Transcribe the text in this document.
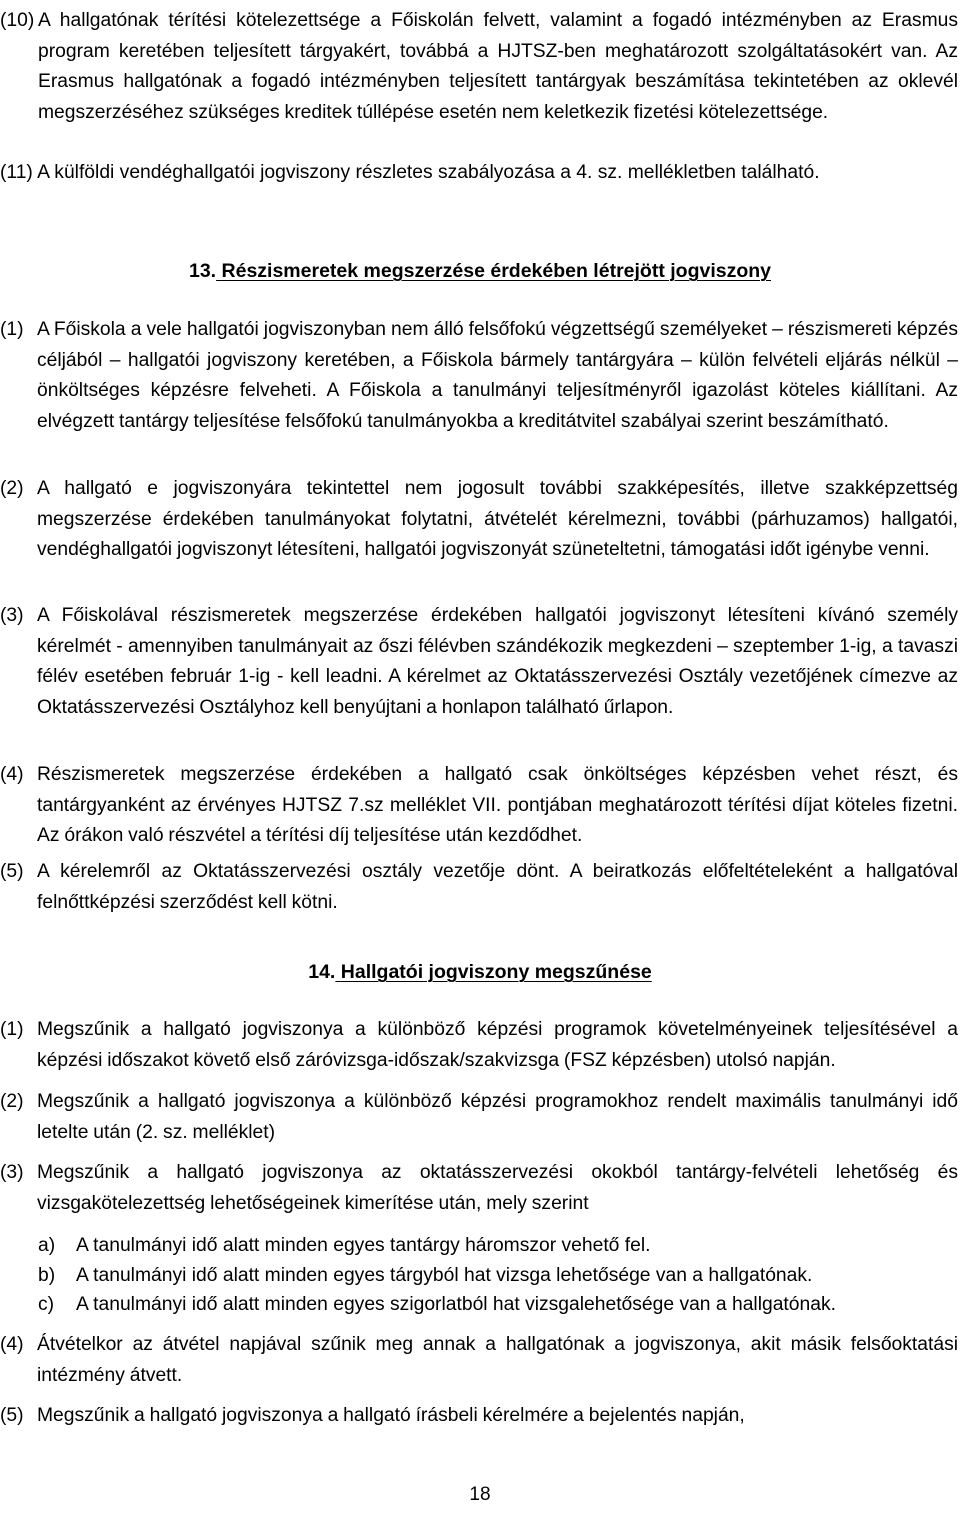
(10) A hallgatónak térítési kötelezettsége a Főiskolán felvett, valamint a fogadó intézményben az Erasmus program keretében teljesített tárgyakért, továbbá a HJTSZ-ben meghatározott szolgáltatásokért van. Az Erasmus hallgatónak a fogadó intézményben teljesített tantárgyak beszámítása tekintetében az oklevél megszerzéséhez szükséges kreditek túllépése esetén nem keletkezik fizetési kötelezettsége.
(11) A külföldi vendéghallgatói jogviszony részletes szabályozása a 4. sz. mellékletben található.
13. Részismeretek megszerzése érdekében létrejött jogviszony
(1) A Főiskola a vele hallgatói jogviszonyban nem álló felsőfokú végzettségű személyeket – részismereti képzés céljából – hallgatói jogviszony keretében, a Főiskola bármely tantárgyára – külön felvételi eljárás nélkül – önköltséges képzésre felveheti. A Főiskola a tanulmányi teljesítményről igazolást köteles kiállítani. Az elvégzett tantárgy teljesítése felsőfokú tanulmányokba a kreditátvitel szabályai szerint beszámítható.
(2) A hallgató e jogviszonyára tekintettel nem jogosult további szakképesítés, illetve szakképzettség megszerzése érdekében tanulmányokat folytatni, átvételét kérelmezni, további (párhuzamos) hallgatói, vendéghallgatói jogviszonyt létesíteni, hallgatói jogviszonyát szüneteltetni, támogatási időt igénybe venni.
(3) A Főiskolával részismeretek megszerzése érdekében hallgatói jogviszonyt létesíteni kívánó személy kérelmét - amennyiben tanulmányait az őszi félévben szándékozik megkezdeni – szeptember 1-ig, a tavaszi félév esetében február 1-ig - kell leadni. A kérelmet az Oktatásszervezési Osztály vezetőjének címezve az Oktatásszervezési Osztályhoz kell benyújtani a honlapon található űrlapon.
(4) Részismeretek megszerzése érdekében a hallgató csak önköltséges képzésben vehet részt, és tantárgyanként az érvényes HJTSZ 7.sz melléklet VII. pontjában meghatározott térítési díjat köteles fizetni. Az órákon való részvétel a térítési díj teljesítése után kezdődhet.
(5) A kérelemről az Oktatásszervezési osztály vezetője dönt. A beiratkozás előfeltételeként a hallgatóval felnőttképzési szerződést kell kötni.
14. Hallgatói jogviszony megszűnése
(1) Megszűnik a hallgató jogviszonya a különböző képzési programok követelményeinek teljesítésével a képzési időszakot követő első záróvizsga-időszak/szakvizsga (FSZ képzésben) utolsó napján.
(2) Megszűnik a hallgató jogviszonya a különböző képzési programokhoz rendelt maximális tanulmányi idő letelte után (2. sz. melléklet)
(3) Megszűnik a hallgató jogviszonya az oktatásszervezési okokból tantárgy-felvételi lehetőség és vizsgakötelezettség lehetőségeinek kimerítése után, mely szerint
a)	A tanulmányi idő alatt minden egyes tantárgy háromszor vehető fel.
b)	A tanulmányi idő alatt minden egyes tárgyból hat vizsga lehetősége van a hallgatónak.
c)	A tanulmányi idő alatt minden egyes szigorlatból hat vizsgalehetősége van a hallgatónak.
(4) Átvételkor az átvétel napjával szűnik meg annak a hallgatónak a jogviszonya, akit másik felsőoktatási intézmény átvett.
(5) Megszűnik a hallgató jogviszonya a hallgató írásbeli kérelmére a bejelentés napján,
18
